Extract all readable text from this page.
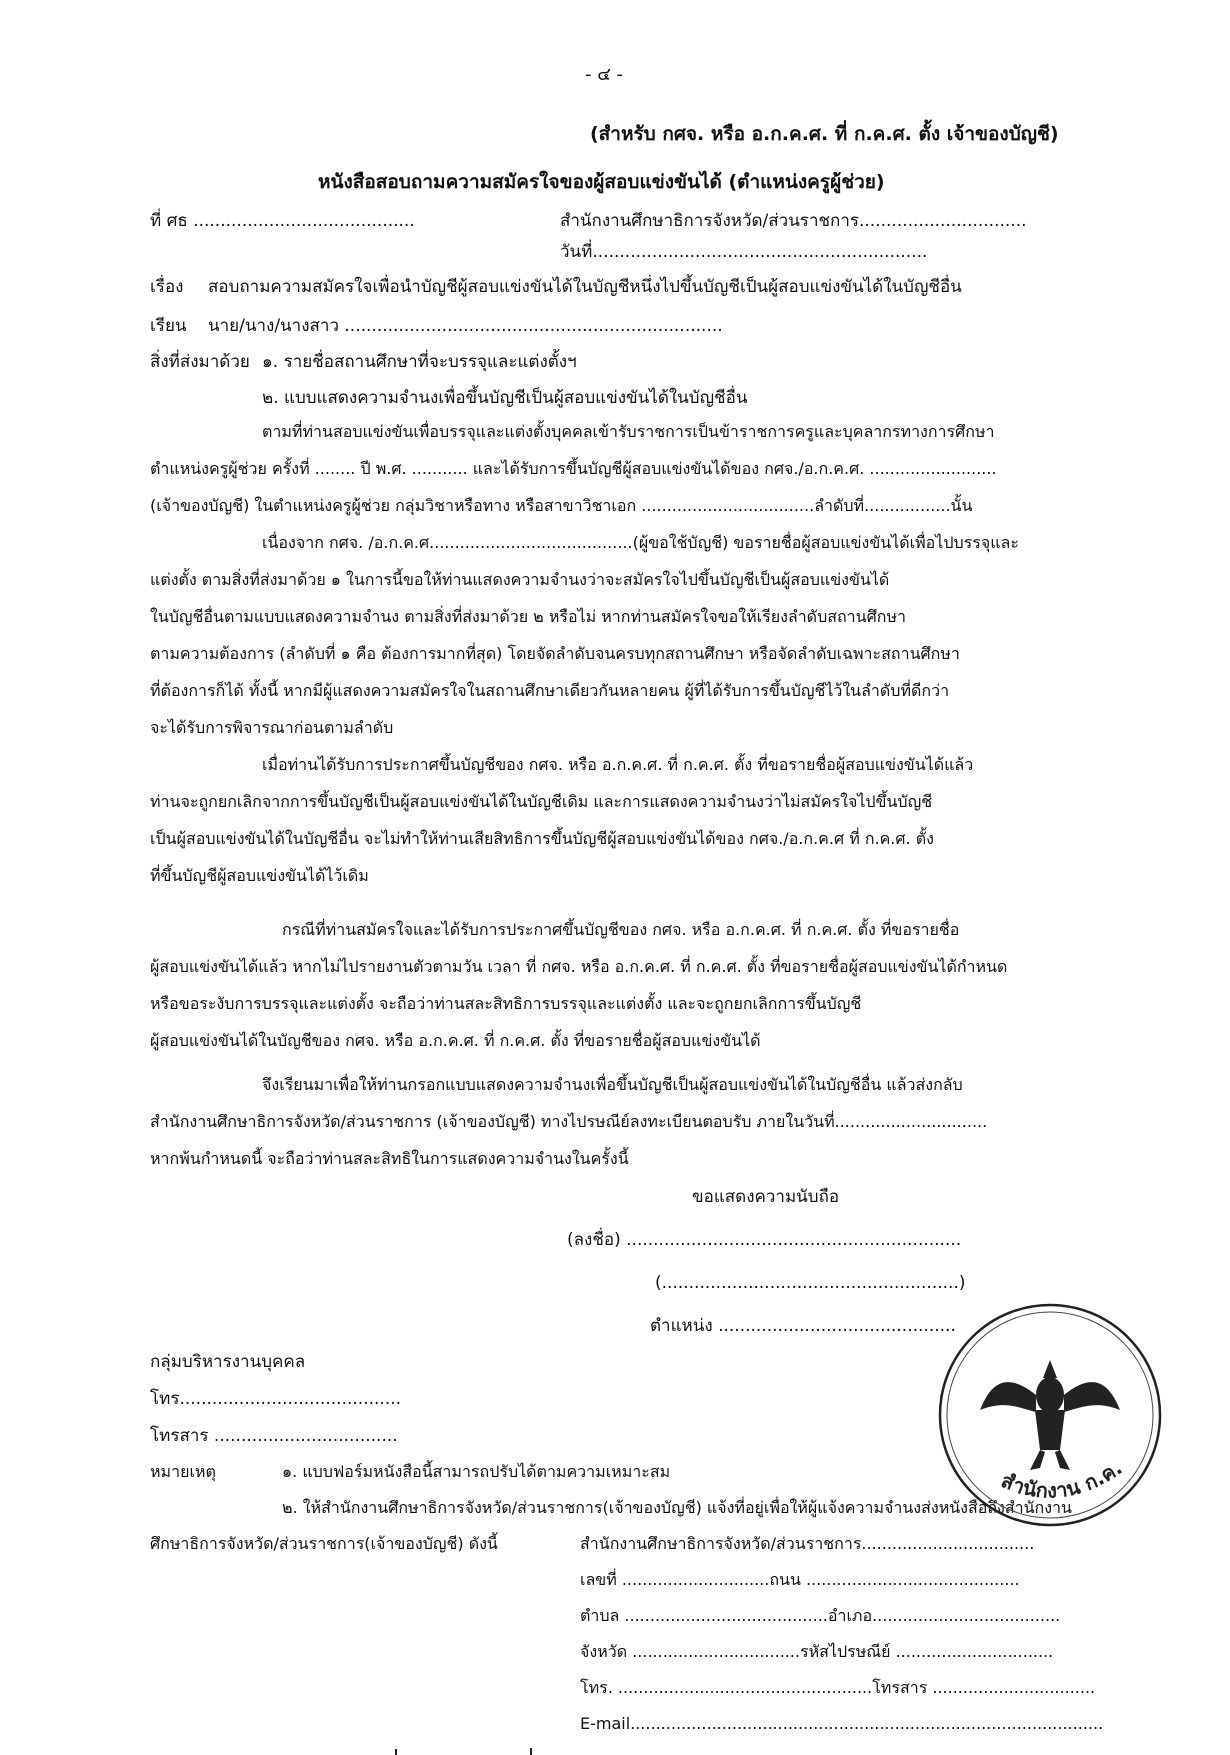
- ๔ -
(สำหรับ กศจ. หรือ อ.ก.ค.ศ. ที่ ก.ค.ศ. ตั้ง เจ้าของบัญชี)
หนังสือสอบถามความสมัครใจของผู้สอบแข่งขันได้ (ตำแหน่งครูผู้ช่วย)
ที่ ศธ .........................................	สำนักงานศึกษาธิการจังหวัด/ส่วนราชการ...............................
วันที่..............................................................
เรื่อง สอบถามความสมัครใจเพื่อนำบัญชีผู้สอบแข่งขันได้ในบัญชีหนึ่งไปขึ้นบัญชีเป็นผู้สอบแข่งขันได้ในบัญชีอื่น
เรียน นาย/นาง/นางสาว ......................................................................
สิ่งที่ส่งมาด้วย ๑. รายชื่อสถานศึกษาที่จะบรรจุและแต่งตั้งฯ
๒. แบบแสดงความจำนงเพื่อขึ้นบัญชีเป็นผู้สอบแข่งขันได้ในบัญชีอื่น
ตามที่ท่านสอบแข่งขันเพื่อบรรจุและแต่งตั้งบุคคลเข้ารับราชการเป็นข้าราชการครูและบุคลากรทางการศึกษา
ตำแหน่งครูผู้ช่วย ครั้งที่ ........ ปี พ.ศ. ........... และได้รับการขึ้นบัญชีผู้สอบแข่งขันได้ของ กศจ./อ.ก.ค.ศ. .........................
(เจ้าของบัญชี) ในตำแหน่งครูผู้ช่วย กลุ่มวิชาหรือทาง หรือสาขาวิชาเอก ..................................ลำดับที่.................นั้น
เนื่องจาก กศจ. /อ.ก.ค.ศ........................................(ผู้ขอใช้บัญชี) ขอรายชื่อผู้สอบแข่งขันได้เพื่อไปบรรจุและ
แต่งตั้ง ตามสิ่งที่ส่งมาด้วย ๑ ในการนี้ขอให้ท่านแสดงความจำนงว่าจะสมัครใจไปขึ้นบัญชีเป็นผู้สอบแข่งขันได้
ในบัญชีอื่นตามแบบแสดงความจำนง ตามสิ่งที่ส่งมาด้วย ๒ หรือไม่ หากท่านสมัครใจขอให้เรียงลำดับสถานศึกษา
ตามความต้องการ (ลำดับที่ ๑ คือ ต้องการมากที่สุด) โดยจัดลำดับจนครบทุกสถานศึกษา หรือจัดลำดับเฉพาะสถานศึกษา
ที่ต้องการก็ได้ ทั้งนี้ หากมีผู้แสดงความสมัครใจในสถานศึกษาเดียวกันหลายคน ผู้ที่ได้รับการขึ้นบัญชีไว้ในลำดับที่ดีกว่า
จะได้รับการพิจารณาก่อนตามลำดับ
เมื่อท่านได้รับการประกาศขึ้นบัญชีของ กศจ. หรือ อ.ก.ค.ศ. ที่ ก.ค.ศ. ตั้ง ที่ขอรายชื่อผู้สอบแข่งขันได้แล้ว
ท่านจะถูกยกเลิกจากการขึ้นบัญชีเป็นผู้สอบแข่งขันได้ในบัญชีเดิม และการแสดงความจำนงว่าไม่สมัครใจไปขึ้นบัญชี
เป็นผู้สอบแข่งขันได้ในบัญชีอื่น จะไม่ทำให้ท่านเสียสิทธิการขึ้นบัญชีผู้สอบแข่งขันได้ของ กศจ./อ.ก.ค.ศ ที่ ก.ค.ศ. ตั้ง
ที่ขึ้นบัญชีผู้สอบแข่งขันได้ไว้เดิม
กรณีที่ท่านสมัครใจและได้รับการประกาศขึ้นบัญชีของ กศจ. หรือ อ.ก.ค.ศ. ที่ ก.ค.ศ. ตั้ง ที่ขอรายชื่อ
ผู้สอบแข่งขันได้แล้ว หากไม่ไปรายงานตัวตามวัน เวลา ที่ กศจ. หรือ อ.ก.ค.ศ. ที่ ก.ค.ศ. ตั้ง ที่ขอรายชื่อผู้สอบแข่งขันได้กำหนด
หรือขอระงับการบรรจุและแต่งตั้ง จะถือว่าท่านสละสิทธิการบรรจุและแต่งตั้ง และจะถูกยกเลิกการขึ้นบัญชี
ผู้สอบแข่งขันได้ในบัญชีของ กศจ. หรือ อ.ก.ค.ศ. ที่ ก.ค.ศ. ตั้ง ที่ขอรายชื่อผู้สอบแข่งขันได้
จึงเรียนมาเพื่อให้ท่านกรอกแบบแสดงความจำนงเพื่อขึ้นบัญชีเป็นผู้สอบแข่งขันได้ในบัญชีอื่น แล้วส่งกลับ
สำนักงานศึกษาธิการจังหวัด/ส่วนราชการ (เจ้าของบัญชี) ทางไปรษณีย์ลงทะเบียนตอบรับ ภายในวันที่..............................
หากพ้นกำหนดนี้ จะถือว่าท่านสละสิทธิในการแสดงความจำนงในครั้งนี้
ขอแสดงความนับถือ
(ลงชื่อ) ..............................................................
(.......................................................)
ตำแหน่ง ............................................
กลุ่มบริหารงานบุคคล
โทร.........................................
โทรสาร ..................................
หมายเหตุ	๑. แบบฟอร์มหนังสือนี้สามารถปรับได้ตามความเหมาะสม
๒. ให้สำนักงานศึกษาธิการจังหวัด/ส่วนราชการ(เจ้าของบัญชี) แจ้งที่อยู่เพื่อให้ผู้แจ้งความจำนงส่งหนังสือถึงสำนักงาน
ศึกษาธิการจังหวัด/ส่วนราชการ(เจ้าของบัญชี) ดังนี้	สำนักงานศึกษาธิการจังหวัด/ส่วนราชการ..................................
เลขที่ .............................ถนน ..........................................
ตำบล ........................................อำเภอ.....................................
จังหวัด .................................รหัสไปรษณีย์ ...............................
โทร. ..................................................โทรสาร ................................
E-mail.............................................................................................
สำนักงาน ก.ค.
